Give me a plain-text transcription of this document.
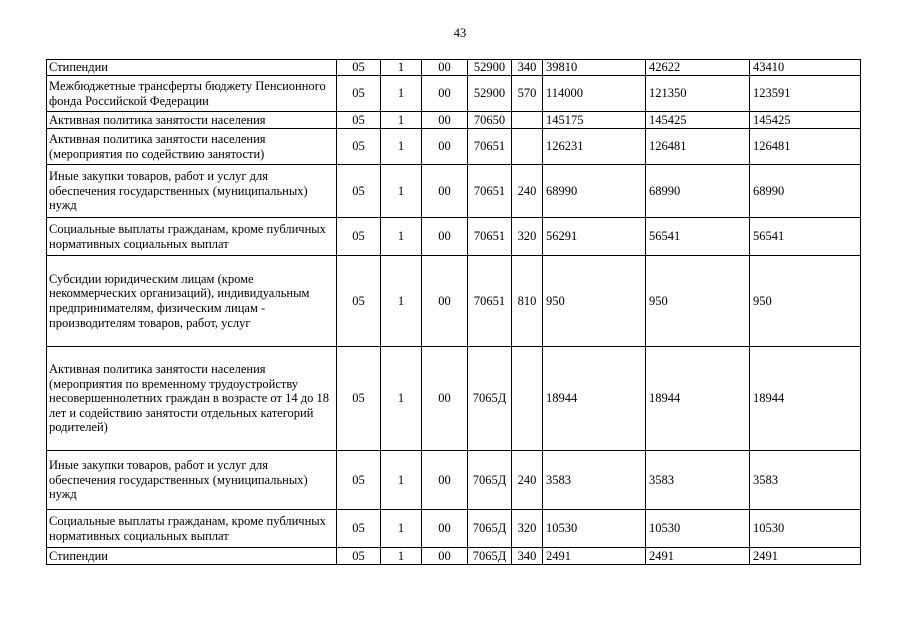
43
Стипендии	05	1	00	52900	340	39810	42622	43410
Межбюджетные трансферты бюджету Пенсионного фонда Российской Федерации	05	1	00	52900	570	114000	121350	123591
Активная политика занятости населения	05	1	00	70650		145175	145425	145425
Активная политика занятости населения (мероприятия по содействию занятости)	05	1	00	70651		126231	126481	126481
Иные закупки товаров, работ и услуг для обеспечения государственных (муниципальных) нужд	05	1	00	70651	240	68990	68990	68990
Социальные выплаты гражданам, кроме публичных нормативных социальных выплат	05	1	00	70651	320	56291	56541	56541
Субсидии юридическим лицам (кроме некоммерческих организаций), индивидуальным предпринимателям, физическим лицам - производителям товаров, работ, услуг	05	1	00	70651	810	950	950	950
Активная политика занятости населения (мероприятия по временному трудоустройству несовершеннолетних граждан в возрасте от 14 до 18 лет и содействию занятости отдельных категорий родителей)	05	1	00	7065Д		18944	18944	18944
Иные закупки товаров, работ и услуг для обеспечения государственных (муниципальных) нужд	05	1	00	7065Д	240	3583	3583	3583
Социальные выплаты гражданам, кроме публичных нормативных социальных выплат	05	1	00	7065Д	320	10530	10530	10530
Стипендии	05	1	00	7065Д	340	2491	2491	2491
